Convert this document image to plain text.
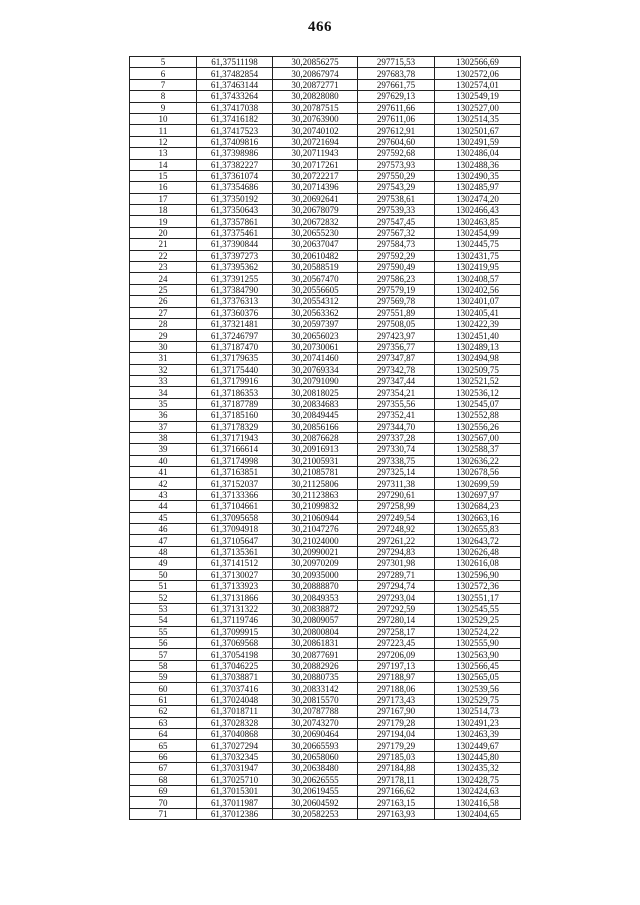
466
5	61,37511198	30,20856275	297715,53	1302566,69
6	61,37482854	30,20867974	297683,78	1302572,06
7	61,37463144	30,20872771	297661,75	1302574,01
8	61,37433264	30,20828080	297629,13	1302549,19
9	61,37417038	30,20787515	297611,66	1302527,00
10	61,37416182	30,20763900	297611,06	1302514,35
11	61,37417523	30,20740102	297612,91	1302501,67
12	61,37409816	30,20721694	297604,60	1302491,59
13	61,37398986	30,20711943	297592,68	1302486,04
14	61,37382227	30,20717261	297573,93	1302488,36
15	61,37361074	30,20722217	297550,29	1302490,35
16	61,37354686	30,20714396	297543,29	1302485,97
17	61,37350192	30,20692641	297538,61	1302474,20
18	61,37350643	30,20678079	297539,33	1302466,43
19	61,37357861	30,20672832	297547,45	1302463,85
20	61,37375461	30,20655230	297567,32	1302454,99
21	61,37390844	30,20637047	297584,73	1302445,75
22	61,37397273	30,20610482	297592,29	1302431,75
23	61,37395362	30,20588519	297590,49	1302419,95
24	61,37391255	30,20567470	297586,23	1302408,57
25	61,37384790	30,20556605	297579,19	1302402,56
26	61,37376313	30,20554312	297569,78	1302401,07
27	61,37360376	30,20563362	297551,89	1302405,41
28	61,37321481	30,20597397	297508,05	1302422,39
29	61,37246797	30,20656023	297423,97	1302451,40
30	61,37187470	30,20730061	297356,77	1302489,13
31	61,37179635	30,20741460	297347,87	1302494,98
32	61,37175440	30,20769334	297342,78	1302509,75
33	61,37179916	30,20791090	297347,44	1302521,52
34	61,37186353	30,20818025	297354,21	1302536,12
35	61,37187789	30,20834683	297355,56	1302545,07
36	61,37185160	30,20849445	297352,41	1302552,88
37	61,37178329	30,20856166	297344,70	1302556,26
38	61,37171943	30,20876628	297337,28	1302567,00
39	61,37166614	30,20916913	297330,74	1302588,37
40	61,37174998	30,21005931	297338,75	1302636,22
41	61,37163851	30,21085781	297325,14	1302678,56
42	61,37152037	30,21125806	297311,38	1302699,59
43	61,37133366	30,21123863	297290,61	1302697,97
44	61,37104661	30,21099832	297258,99	1302684,23
45	61,37095658	30,21060944	297249,54	1302663,16
46	61,37094918	30,21047276	297248,92	1302655,83
47	61,37105647	30,21024000	297261,22	1302643,72
48	61,37135361	30,20990021	297294,83	1302626,48
49	61,37141512	30,20970209	297301,98	1302616,08
50	61,37130027	30,20935000	297289,71	1302596,90
51	61,37133923	30,20888870	297294,74	1302572,36
52	61,37131866	30,20849353	297293,04	1302551,17
53	61,37131322	30,20838872	297292,59	1302545,55
54	61,37119746	30,20809057	297280,14	1302529,25
55	61,37099915	30,20800804	297258,17	1302524,22
56	61,37069568	30,20861831	297223,45	1302555,90
57	61,37054198	30,20877691	297206,09	1302563,90
58	61,37046225	30,20882926	297197,13	1302566,45
59	61,37038871	30,20880735	297188,97	1302565,05
60	61,37037416	30,20833142	297188,06	1302539,56
61	61,37024048	30,20815570	297173,43	1302529,75
62	61,37018711	30,20787788	297167,90	1302514,73
63	61,37028328	30,20743270	297179,28	1302491,23
64	61,37040868	30,20690464	297194,04	1302463,39
65	61,37027294	30,20665593	297179,29	1302449,67
66	61,37032345	30,20658060	297185,03	1302445,80
67	61,37031947	30,20638480	297184,88	1302435,32
68	61,37025710	30,20626555	297178,11	1302428,75
69	61,37015301	30,20619455	297166,62	1302424,63
70	61,37011987	30,20604592	297163,15	1302416,58
71	61,37012386	30,20582253	297163,93	1302404,65
